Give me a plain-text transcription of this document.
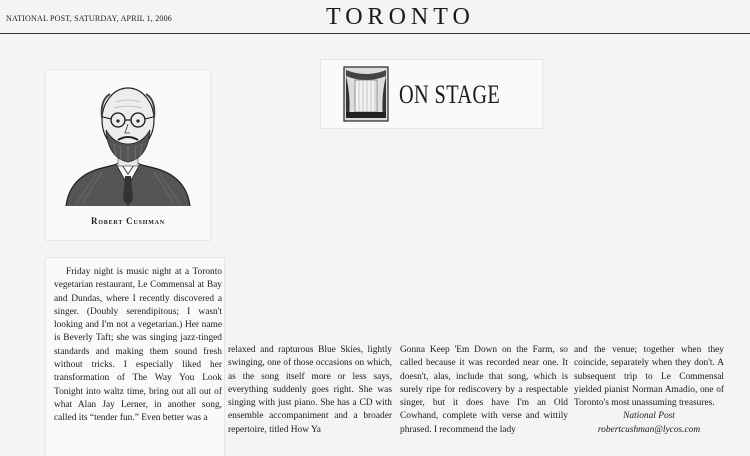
NATIONAL POST, SATURDAY, APRIL 1, 2006	TORONTO
Robert Cushman
ON STAGE

Friday night is music night at a Toronto vegetarian restaurant, Le Commensal at Bay and Dundas, where I recently discovered a singer. (Doubly serendipitous; I wasn't looking and I'm not a vegetarian.) Her name is Beverly Taft; she was singing jazz-tinged standards and making them sound fresh without tricks. I especially liked her transformation of The Way You Look Tonight into waltz time, bring out all out of what Alan Jay Lerner, in another song, called its “tender fun.” Even better was a

relaxed and rapturous Blue Skies, lightly swinging, one of those occasions on which, as the song itself more or less says, everything suddenly goes right. She was singing with just piano. She has a CD with ensemble accompaniment and a broader repertoire, titled How Ya

Gonna Keep 'Em Down on the Farm, so called because it was recorded near one. It doesn't, alas, include that song, which is surely ripe for rediscovery by a respectable singer, but it does have I'm an Old Cowhand, complete with verse and wittily phrased. I recommend the lady

and the venue; together when they coincide, separately when they don't. A subsequent trip to Le Commensal yielded pianist Norman Amadio, one of Toronto's most unassuming treasures.

National Post

robertcushman@lycos.com
